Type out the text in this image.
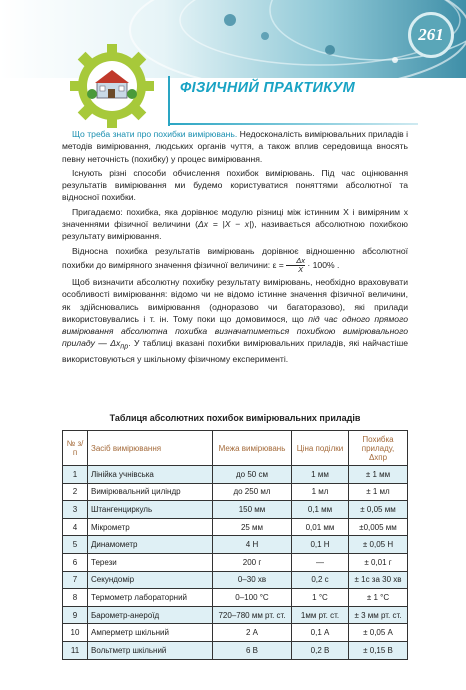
261
ФІЗИЧНИЙ ПРАКТИКУМ

Що треба знати про похибки вимірювань. Недосконалість вимірювальних приладів і методів вимірювання, людських органів чуття, а також вплив середовища вносять певну неточність (похибку) у процес вимірювання.

Існують різні способи обчислення похибок вимірювань. Під час оцінювання результатів вимірювання ми будемо користуватися поняттями абсолютної та відносної похибки.

Пригадаємо: похибка, яка дорівнює модулю різниці між істинним X і виміряним x значеннями фізичної величини (Δx = |X − x|), називається абсолютною похибкою результату вимірювання.

Відносна похибка результатів вимірювань дорівнює відношенню абсолютної похибки до виміряного значення фізичної величини: $\varepsilon = \frac{\Delta x}{X} \cdot 100\%$ .

Щоб визначити абсолютну похибку результату вимірювань, необхідно враховувати особливості вимірювання: відомо чи не відомо істинне значення фізичної величини, як здійснювались вимірювання (одноразово чи багаторазово), які прилади використовувались і т. ін. Тому поки що домовимося, що під час одного прямого вимірювання абсолютна похибка визначатиметься похибкою вимірювального приладу — $\Delta x_{пр}$. У таблиці вказані похибки вимірювальних приладів, які найчастіше використовуються у шкільному фізичному експерименті.

Таблиця абсолютних похибок вимірювальних приладів
№ з/п	Засіб вимірювання	Межа вимірювань	Ціна поділки	Похибка приладу, Δxпр
1	Лінійка учнівська	до 50 см	1 мм	± 1 мм
2	Вимірювальний циліндр	до 250 мл	1 мл	± 1 мл
3	Штангенциркуль	150 мм	0,1 мм	± 0,05 мм
4	Мікрометр	25 мм	0,01 мм	±0,005 мм
5	Динамометр	4 Н	0,1 Н	± 0,05 Н
6	Терези	200 г	—	± 0,01 г
7	Секундомір	0–30 хв	0,2 с	± 1с за 30 хв
8	Термометр лабораторний	0–100 °С	1 °С	± 1 °С
9	Барометр-анероїд	720–780 мм рт. ст.	1мм рт. ст.	± 3 мм рт. ст.
10	Амперметр шкільний	2 А	0,1 А	± 0,05 А
11	Вольтметр шкільний	6 В	0,2 В	± 0,15 В
